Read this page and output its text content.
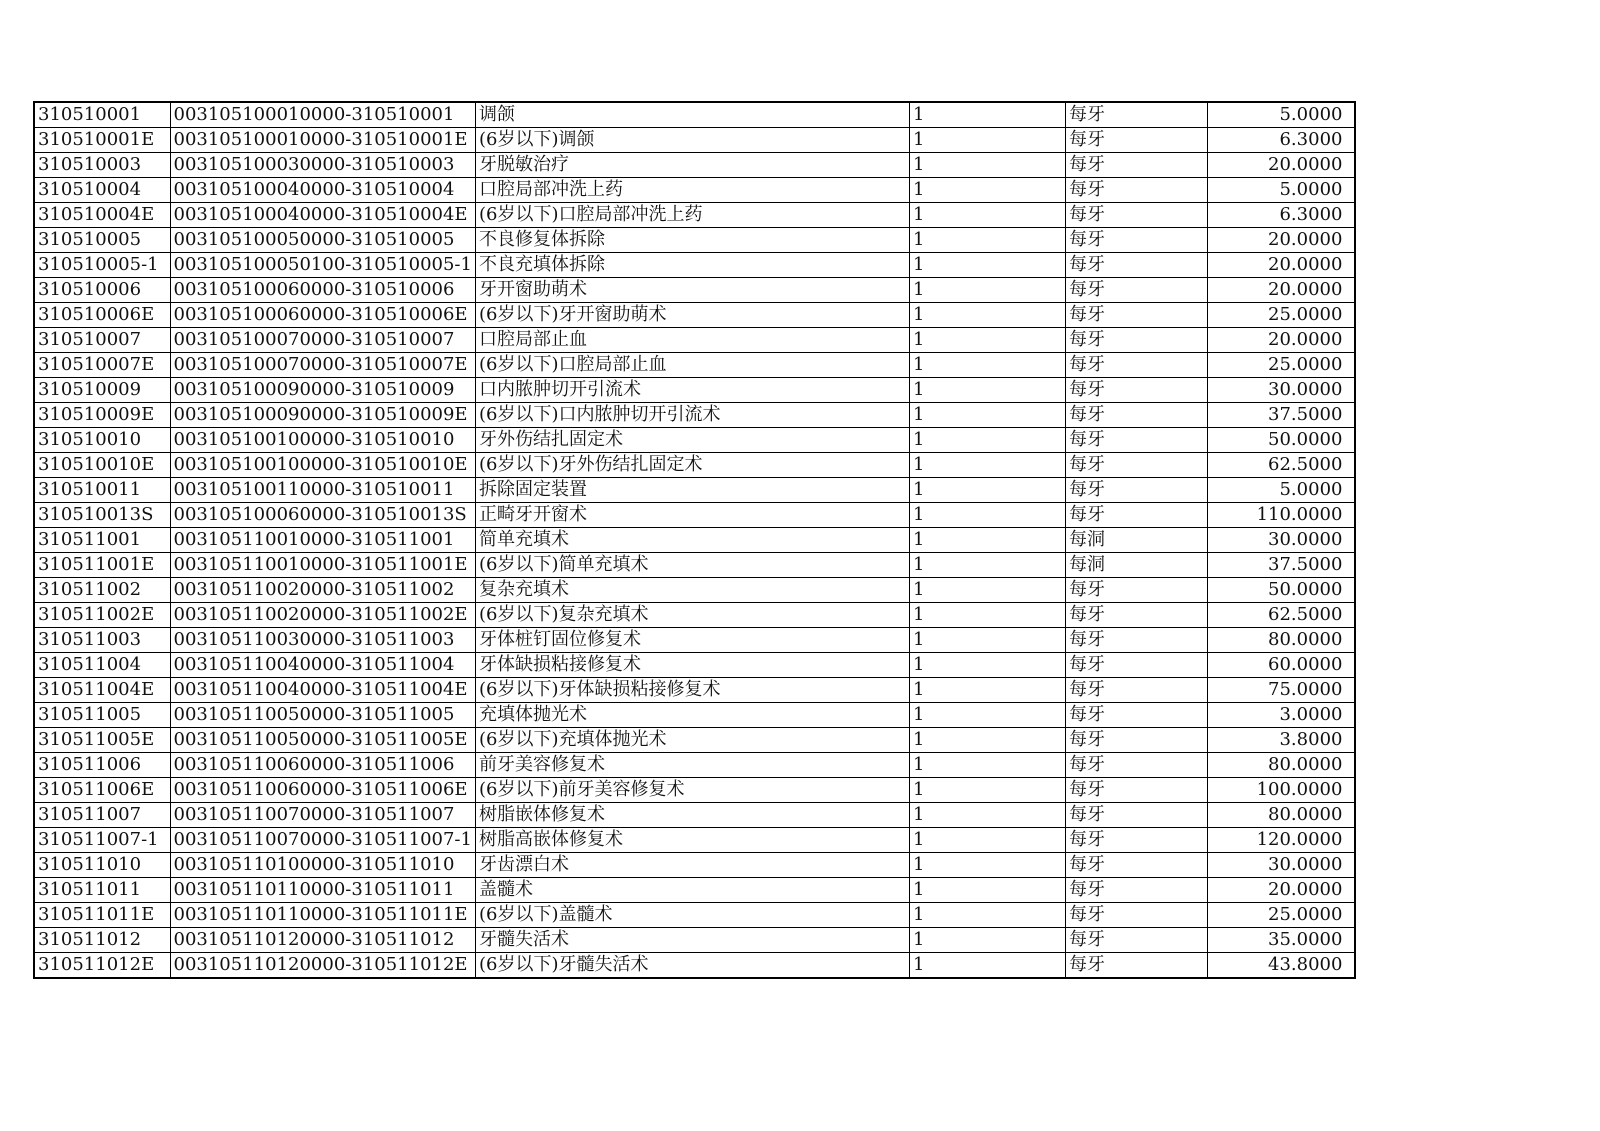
310510001	003105100010000-310510001	调颌	1	每牙	5.0000
310510001E	003105100010000-310510001E	(6岁以下)调颌	1	每牙	6.3000
310510003	003105100030000-310510003	牙脱敏治疗	1	每牙	20.0000
310510004	003105100040000-310510004	口腔局部冲洗上药	1	每牙	5.0000
310510004E	003105100040000-310510004E	(6岁以下)口腔局部冲洗上药	1	每牙	6.3000
310510005	003105100050000-310510005	不良修复体拆除	1	每牙	20.0000
310510005-1	003105100050100-310510005-1	不良充填体拆除	1	每牙	20.0000
310510006	003105100060000-310510006	牙开窗助萌术	1	每牙	20.0000
310510006E	003105100060000-310510006E	(6岁以下)牙开窗助萌术	1	每牙	25.0000
310510007	003105100070000-310510007	口腔局部止血	1	每牙	20.0000
310510007E	003105100070000-310510007E	(6岁以下)口腔局部止血	1	每牙	25.0000
310510009	003105100090000-310510009	口内脓肿切开引流术	1	每牙	30.0000
310510009E	003105100090000-310510009E	(6岁以下)口内脓肿切开引流术	1	每牙	37.5000
310510010	003105100100000-310510010	牙外伤结扎固定术	1	每牙	50.0000
310510010E	003105100100000-310510010E	(6岁以下)牙外伤结扎固定术	1	每牙	62.5000
310510011	003105100110000-310510011	拆除固定装置	1	每牙	5.0000
310510013S	003105100060000-310510013S	正畸牙开窗术	1	每牙	110.0000
310511001	003105110010000-310511001	简单充填术	1	每洞	30.0000
310511001E	003105110010000-310511001E	(6岁以下)简单充填术	1	每洞	37.5000
310511002	003105110020000-310511002	复杂充填术	1	每牙	50.0000
310511002E	003105110020000-310511002E	(6岁以下)复杂充填术	1	每牙	62.5000
310511003	003105110030000-310511003	牙体桩钉固位修复术	1	每牙	80.0000
310511004	003105110040000-310511004	牙体缺损粘接修复术	1	每牙	60.0000
310511004E	003105110040000-310511004E	(6岁以下)牙体缺损粘接修复术	1	每牙	75.0000
310511005	003105110050000-310511005	充填体抛光术	1	每牙	3.0000
310511005E	003105110050000-310511005E	(6岁以下)充填体抛光术	1	每牙	3.8000
310511006	003105110060000-310511006	前牙美容修复术	1	每牙	80.0000
310511006E	003105110060000-310511006E	(6岁以下)前牙美容修复术	1	每牙	100.0000
310511007	003105110070000-310511007	树脂嵌体修复术	1	每牙	80.0000
310511007-1	003105110070000-310511007-1	树脂高嵌体修复术	1	每牙	120.0000
310511010	003105110100000-310511010	牙齿漂白术	1	每牙	30.0000
310511011	003105110110000-310511011	盖髓术	1	每牙	20.0000
310511011E	003105110110000-310511011E	(6岁以下)盖髓术	1	每牙	25.0000
310511012	003105110120000-310511012	牙髓失活术	1	每牙	35.0000
310511012E	003105110120000-310511012E	(6岁以下)牙髓失活术	1	每牙	43.8000
